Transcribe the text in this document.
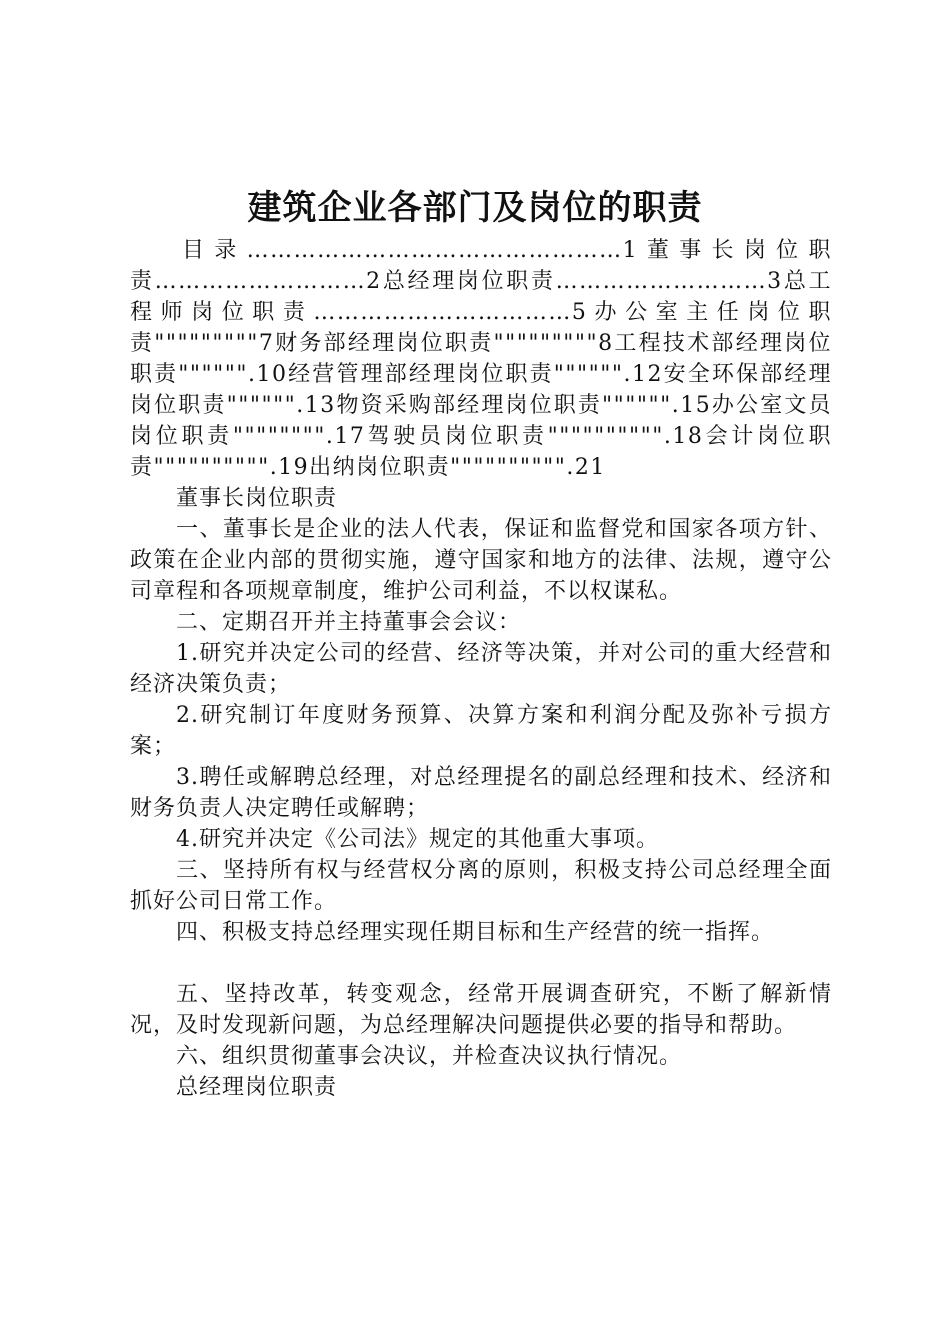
建筑企业各部门及岗位的职责

目录…………………………………………1董事长岗位职责………………………2总经理岗位职责………………………3总工程师岗位职责……………………………5办公室主任岗位职责"""""""""7财务部经理岗位职责"""""""""8工程技术部经理岗位职责"""""".10经营管理部经理岗位职责"""""".12安全环保部经理岗位职责"""""".13物资采购部经理岗位职责"""""".15办公室文员岗位职责"""""""".17驾驶员岗位职责"""""""""".18会计岗位职责"""""""""".19出纳岗位职责"""""""""".21

董事长岗位职责

一、董事长是企业的法人代表，保证和监督党和国家各项方针、政策在企业内部的贯彻实施，遵守国家和地方的法律、法规，遵守公司章程和各项规章制度，维护公司利益，不以权谋私。

二、定期召开并主持董事会会议：

1.研究并决定公司的经营、经济等决策，并对公司的重大经营和经济决策负责；

2.研究制订年度财务预算、决算方案和利润分配及弥补亏损方案；

3.聘任或解聘总经理，对总经理提名的副总经理和技术、经济和财务负责人决定聘任或解聘；

4.研究并决定《公司法》规定的其他重大事项。

三、坚持所有权与经营权分离的原则，积极支持公司总经理全面抓好公司日常工作。

四、积极支持总经理实现任期目标和生产经营的统一指挥。

五、坚持改革，转变观念，经常开展调查研究，不断了解新情况，及时发现新问题，为总经理解决问题提供必要的指导和帮助。

六、组织贯彻董事会决议，并检查决议执行情况。

总经理岗位职责
